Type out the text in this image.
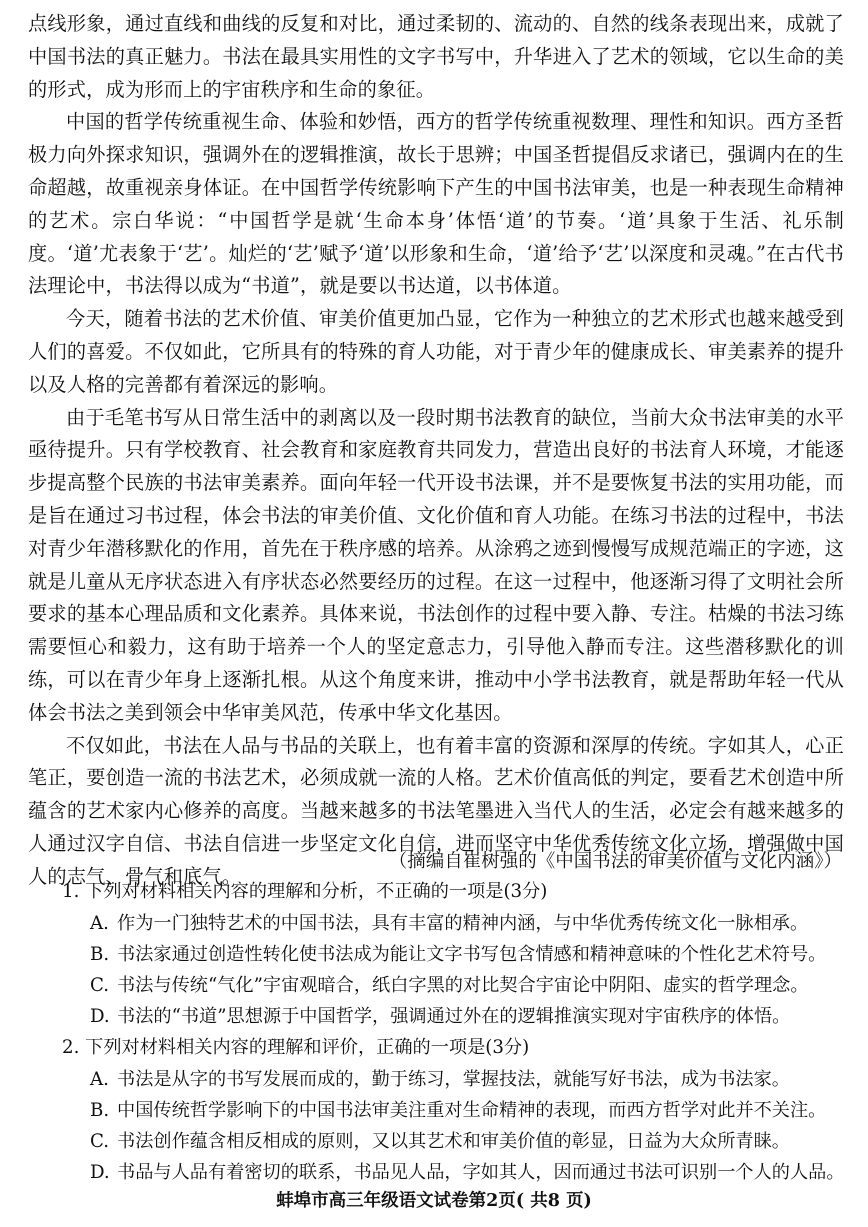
点线形象，通过直线和曲线的反复和对比，通过柔韧的、流动的、自然的线条表现出来，成就了中国书法的真正魅力。书法在最具实用性的文字书写中，升华进入了艺术的领域，它以生命的美的形式，成为形而上的宇宙秩序和生命的象征。

中国的哲学传统重视生命、体验和妙悟，西方的哲学传统重视数理、理性和知识。西方圣哲极力向外探求知识，强调外在的逻辑推演，故长于思辨；中国圣哲提倡反求诸已，强调内在的生命超越，故重视亲身体证。在中国哲学传统影响下产生的中国书法审美，也是一种表现生命精神的艺术。宗白华说：“中国哲学是就‘生命本身’体悟‘道’的节奏。‘道’具象于生活、礼乐制度。‘道’尤表象于‘艺’。灿烂的‘艺’赋予‘道’以形象和生命，‘道’给予‘艺’以深度和灵魂。”在古代书法理论中，书法得以成为“书道”，就是要以书达道，以书体道。

今天，随着书法的艺术价值、审美价值更加凸显，它作为一种独立的艺术形式也越来越受到人们的喜爱。不仅如此，它所具有的特殊的育人功能，对于青少年的健康成长、审美素养的提升以及人格的完善都有着深远的影响。

由于毛笔书写从日常生活中的剥离以及一段时期书法教育的缺位，当前大众书法审美的水平亟待提升。只有学校教育、社会教育和家庭教育共同发力，营造出良好的书法育人环境，才能逐步提高整个民族的书法审美素养。面向年轻一代开设书法课，并不是要恢复书法的实用功能，而是旨在通过习书过程，体会书法的审美价值、文化价值和育人功能。在练习书法的过程中，书法对青少年潜移默化的作用，首先在于秩序感的培养。从涂鸦之迹到慢慢写成规范端正的字迹，这就是儿童从无序状态进入有序状态必然要经历的过程。在这一过程中，他逐渐习得了文明社会所要求的基本心理品质和文化素养。具体来说，书法创作的过程中要入静、专注。枯燥的书法习练需要恒心和毅力，这有助于培养一个人的坚定意志力，引导他入静而专注。这些潜移默化的训练，可以在青少年身上逐渐扎根。从这个角度来讲，推动中小学书法教育，就是帮助年轻一代从体会书法之美到领会中华审美风范，传承中华文化基因。

不仅如此，书法在人品与书品的关联上，也有着丰富的资源和深厚的传统。字如其人，心正笔正，要创造一流的书法艺术，必须成就一流的人格。艺术价值高低的判定，要看艺术创造中所蕴含的艺术家内心修养的高度。当越来越多的书法笔墨进入当代人的生活，必定会有越来越多的人通过汉字自信、书法自信进一步坚定文化自信，进而坚守中华优秀传统文化立场，增强做中国人的志气、骨气和底气。

（摘编自崔树强的《中国书法的审美价值与文化内涵》）
1. 下列对材料相关内容的理解和分析，不正确的一项是(3分)
A. 作为一门独特艺术的中国书法，具有丰富的精神内涵，与中华优秀传统文化一脉相承。
B. 书法家通过创造性转化使书法成为能让文字书写包含情感和精神意味的个性化艺术符号。
C. 书法与传统“气化”宇宙观暗合，纸白字黑的对比契合宇宙论中阴阳、虚实的哲学理念。
D. 书法的“书道”思想源于中国哲学，强调通过外在的逻辑推演实现对宇宙秩序的体悟。
2. 下列对材料相关内容的理解和评价，正确的一项是(3分)
A. 书法是从字的书写发展而成的，勤于练习，掌握技法，就能写好书法，成为书法家。
B. 中国传统哲学影响下的中国书法审美注重对生命精神的表现，而西方哲学对此并不关注。
C. 书法创作蕴含相反相成的原则，又以其艺术和审美价值的彰显，日益为大众所青睐。
D. 书品与人品有着密切的联系，书品见人品，字如其人，因而通过书法可识别一个人的人品。
蚌埠市高三年级语文试卷第2页( 共8 页)
